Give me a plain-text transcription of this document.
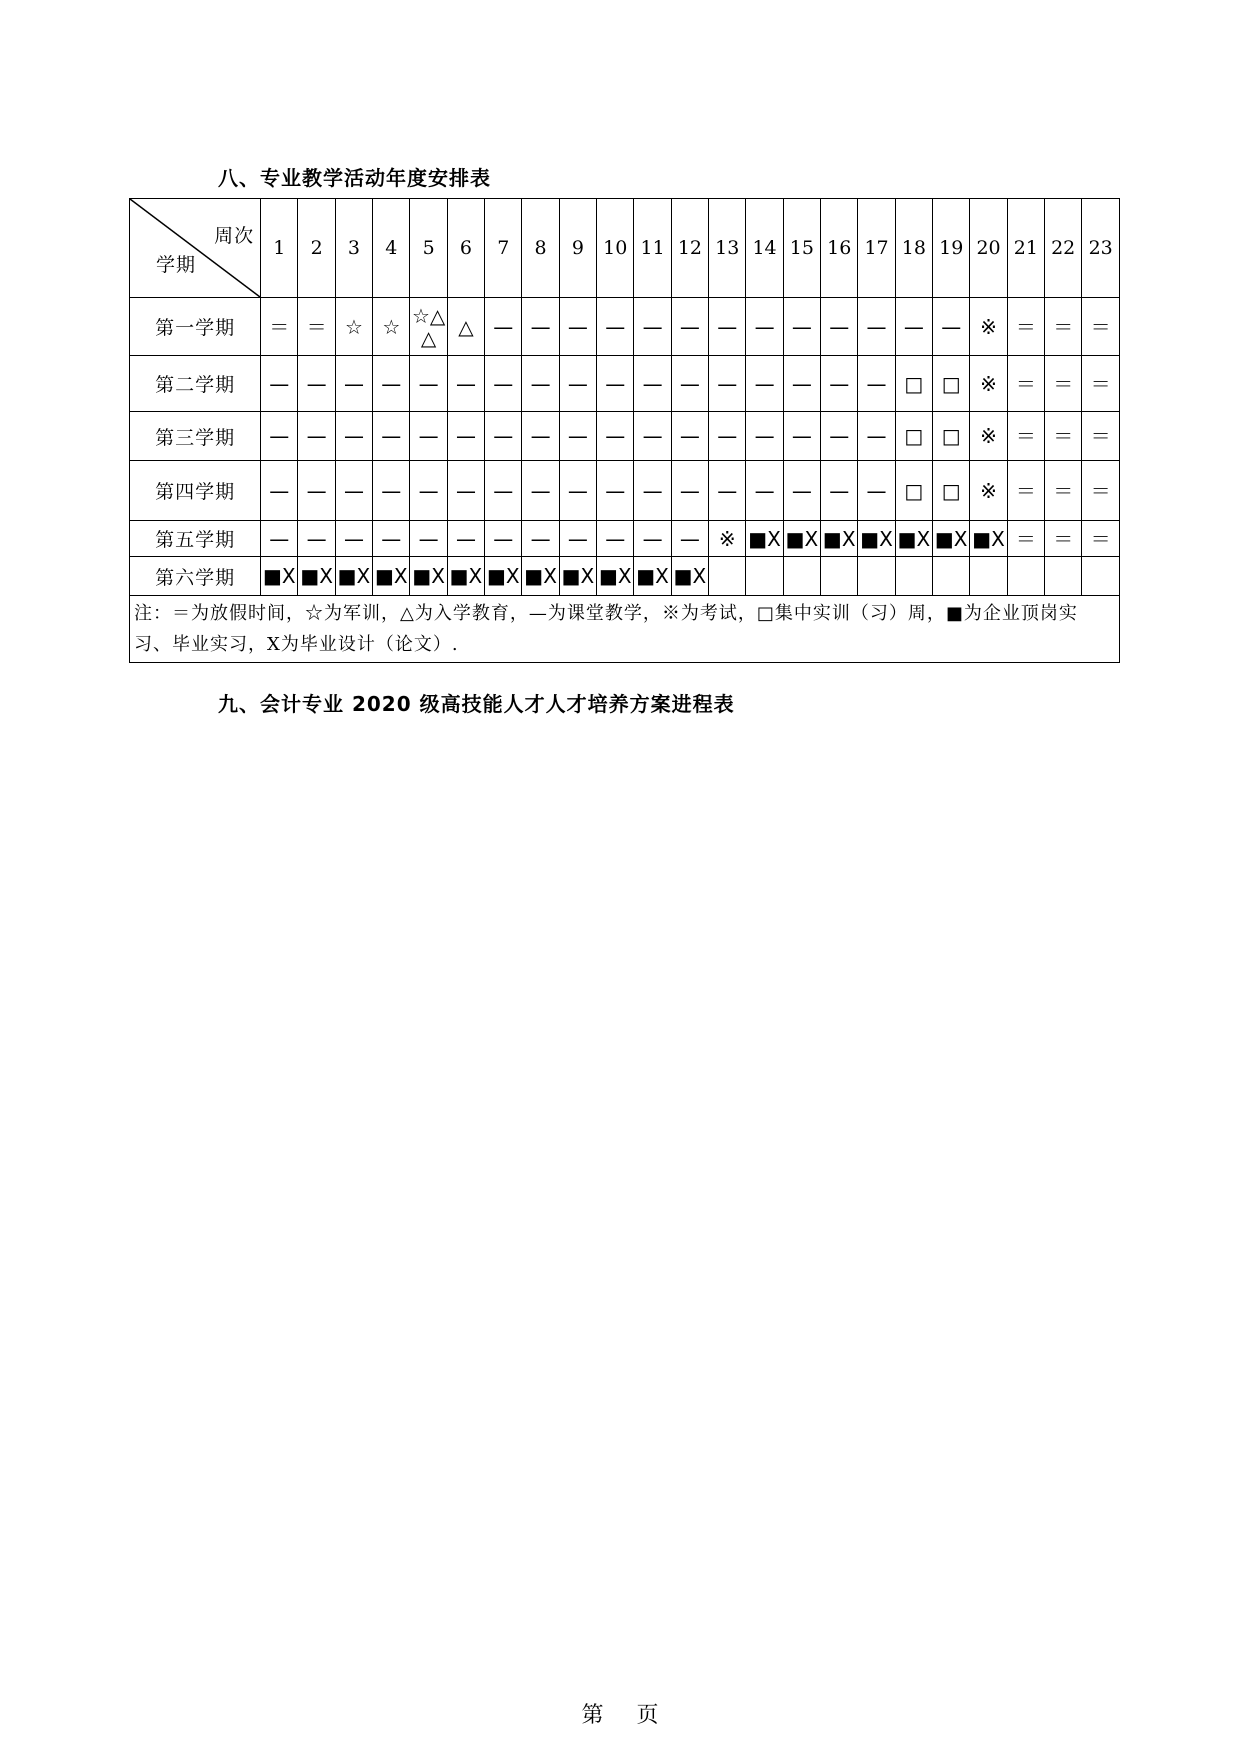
八、专业教学活动年度安排表
周次
学期	1	2	3	4	5	6	7	8	9	10	11	12	13	14	15	16	17	18	19	20	21	22	23
第一学期	＝	＝	☆	☆	☆△ △	△	—	—	—	—	—	—	—	—	—	—	—	—	—	※	＝	＝	＝
第二学期	—	—	—	—	—	—	—	—	—	—	—	—	—	—	—	—	—	□	□	※	＝	＝	＝
第三学期	—	—	—	—	—	—	—	—	—	—	—	—	—	—	—	—	—	□	□	※	＝	＝	＝
第四学期	—	—	—	—	—	—	—	—	—	—	—	—	—	—	—	—	—	□	□	※	＝	＝	＝
第五学期	—	—	—	—	—	—	—	—	—	—	—	—	※	■X	■X	■X	■X	■X	■X	■X	＝	＝	＝
第六学期	■X	■X	■X	■X	■X	■X	■X	■X	■X	■X	■X	■X											
注：＝为放假时间，☆为军训，△为入学教育，—为课堂教学，※为考试，□集中实训（习）周，■为企业顶岗实习、毕业实习，X为毕业设计（论文）.																							
九、会计专业 2020 级高技能人才人才培养方案进程表
第 页
